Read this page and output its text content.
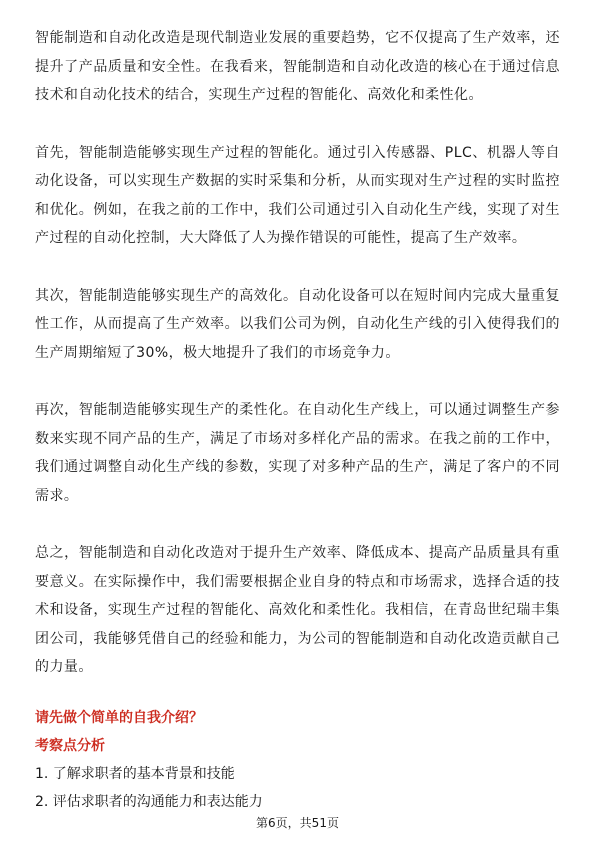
智能制造和自动化改造是现代制造业发展的重要趋势，它不仅提高了生产效率，还提升了产品质量和安全性。在我看来，智能制造和自动化改造的核心在于通过信息技术和自动化技术的结合，实现生产过程的智能化、高效化和柔性化。

首先，智能制造能够实现生产过程的智能化。通过引入传感器、PLC、机器人等自动化设备，可以实现生产数据的实时采集和分析，从而实现对生产过程的实时监控和优化。例如，在我之前的工作中，我们公司通过引入自动化生产线，实现了对生产过程的自动化控制，大大降低了人为操作错误的可能性，提高了生产效率。

其次，智能制造能够实现生产的高效化。自动化设备可以在短时间内完成大量重复性工作，从而提高了生产效率。以我们公司为例，自动化生产线的引入使得我们的生产周期缩短了30%，极大地提升了我们的市场竞争力。

再次，智能制造能够实现生产的柔性化。在自动化生产线上，可以通过调整生产参数来实现不同产品的生产，满足了市场对多样化产品的需求。在我之前的工作中，我们通过调整自动化生产线的参数，实现了对多种产品的生产，满足了客户的不同需求。

总之，智能制造和自动化改造对于提升生产效率、降低成本、提高产品质量具有重要意义。在实际操作中，我们需要根据企业自身的特点和市场需求，选择合适的技术和设备，实现生产过程的智能化、高效化和柔性化。我相信，在青岛世纪瑞丰集团公司，我能够凭借自己的经验和能力，为公司的智能制造和自动化改造贡献自己的力量。

请先做个简单的自我介绍？

考察点分析

1. 了解求职者的基本背景和技能
2. 评估求职者的沟通能力和表达能力
第6页，共51页
